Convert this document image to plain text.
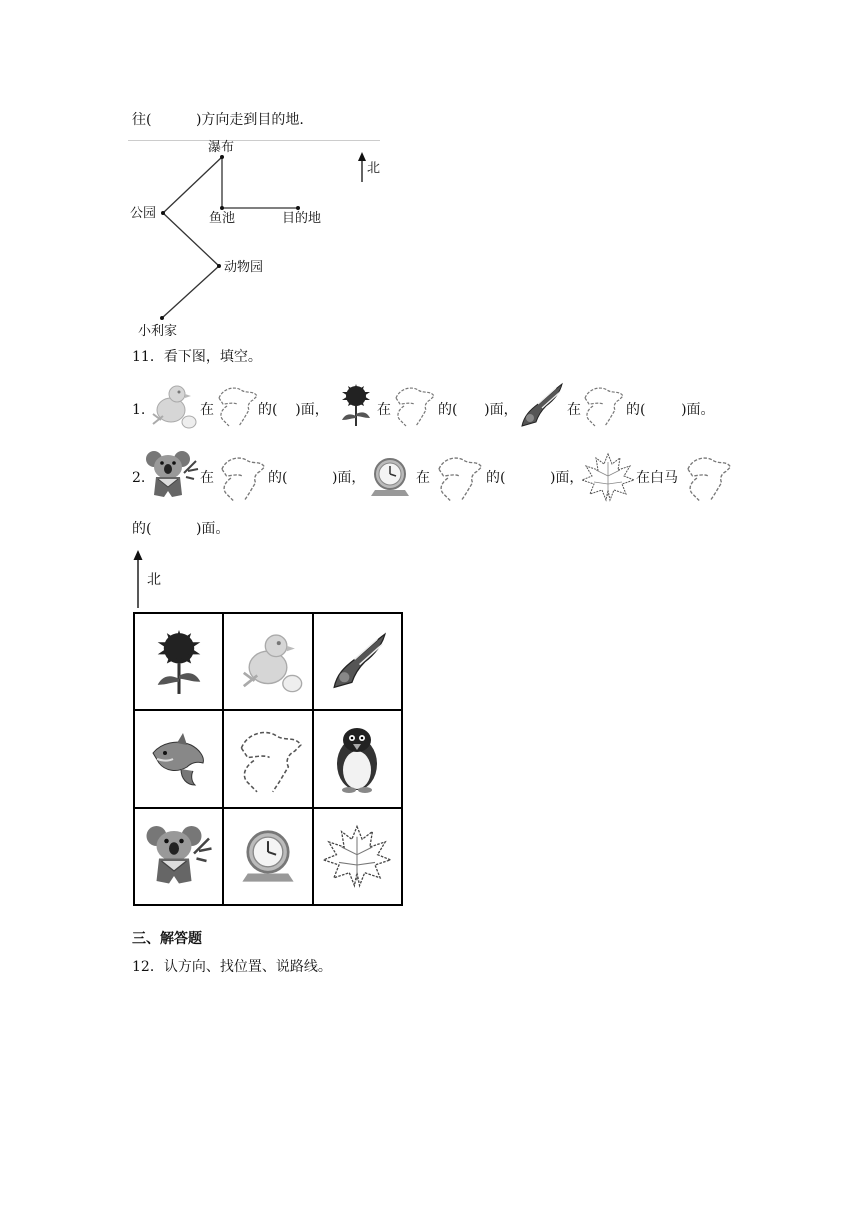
往(          )方向走到目的地.
瀑布
公园	鱼池	目的地
动物园
小利家
北
11．看下图，填空。
1.	在	的(    )面，	在	的(      )面，	在	的(        )面。
2.	在	的(          )面，	在	的(          )面，	在白马
的(          )面。
北
三、解答题
12．认方向、找位置、说路线。
